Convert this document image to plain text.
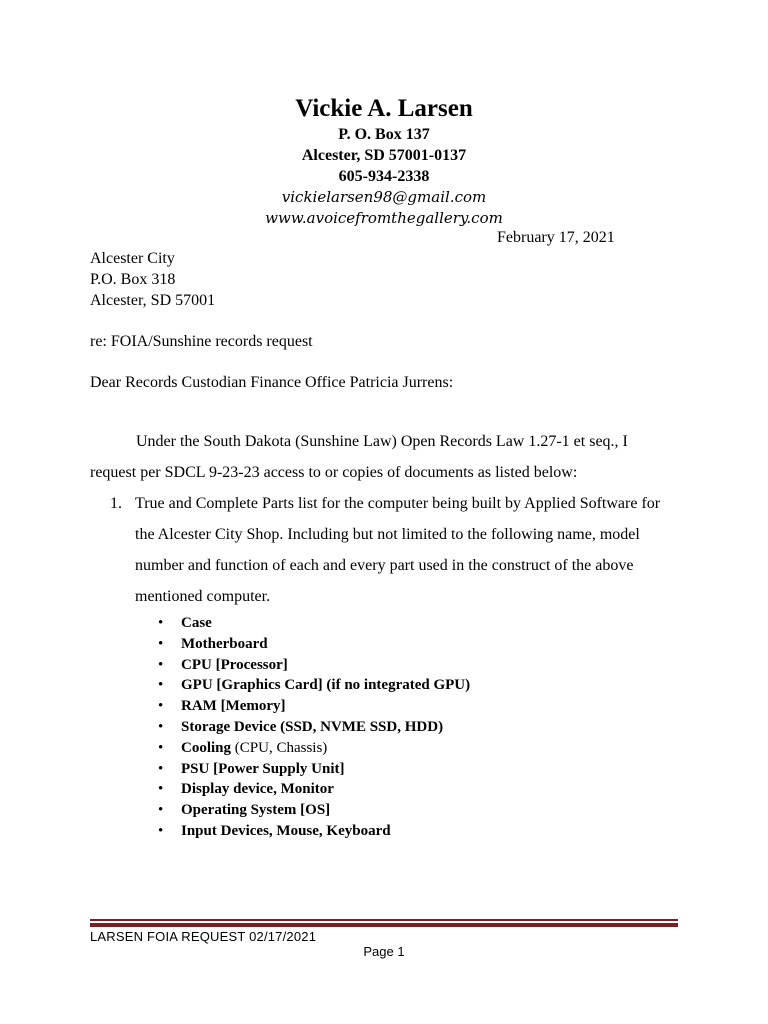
Vickie A. Larsen
P. O. Box 137
Alcester, SD 57001-0137
605-934-2338
vickielarsen98@gmail.com
www.avoicefromthegallery.com
February 17, 2021
Alcester City
P.O. Box 318
Alcester, SD 57001
re: FOIA/Sunshine records request
Dear Records Custodian Finance Office Patricia Jurrens:
Under the South Dakota (Sunshine Law) Open Records Law 1.27-1 et seq., I request per SDCL 9-23-23 access to or copies of documents as listed below:
1. True and Complete Parts list for the computer being built by Applied Software for the Alcester City Shop. Including but not limited to the following name, model number and function of each and every part used in the construct of the above mentioned computer.
• Case
• Motherboard
• CPU [Processor]
• GPU [Graphics Card] (if no integrated GPU)
• RAM [Memory]
• Storage Device (SSD, NVME SSD, HDD)
• Cooling (CPU, Chassis)
• PSU [Power Supply Unit]
• Display device, Monitor
• Operating System [OS]
• Input Devices, Mouse, Keyboard
LARSEN FOIA REQUEST 02/17/2021
Page 1
